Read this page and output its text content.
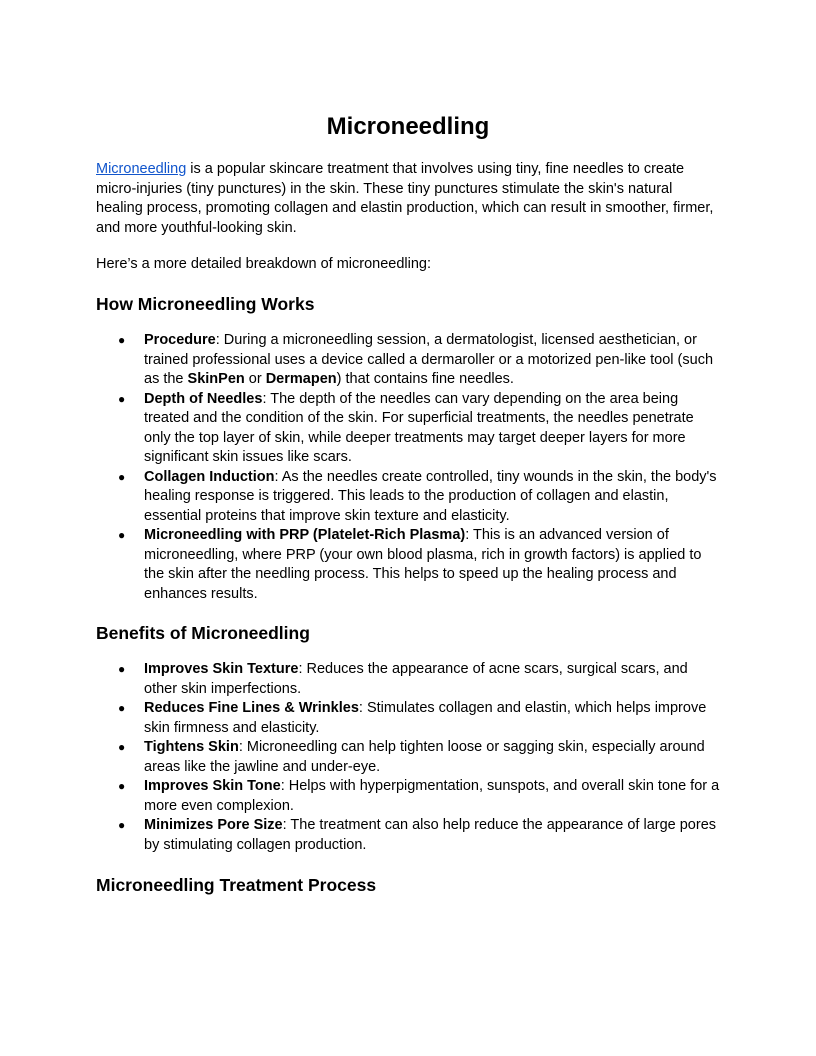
Microneedling

Microneedling is a popular skincare treatment that involves using tiny, fine needles to create micro-injuries (tiny punctures) in the skin. These tiny punctures stimulate the skin's natural healing process, promoting collagen and elastin production, which can result in smoother, firmer, and more youthful-looking skin.

Here’s a more detailed breakdown of microneedling:

How Microneedling Works
● Procedure: During a microneedling session, a dermatologist, licensed aesthetician, or trained professional uses a device called a dermaroller or a motorized pen-like tool (such as the SkinPen or Dermapen) that contains fine needles.
● Depth of Needles: The depth of the needles can vary depending on the area being treated and the condition of the skin. For superficial treatments, the needles penetrate only the top layer of skin, while deeper treatments may target deeper layers for more significant skin issues like scars.
● Collagen Induction: As the needles create controlled, tiny wounds in the skin, the body's healing response is triggered. This leads to the production of collagen and elastin, essential proteins that improve skin texture and elasticity.
● Microneedling with PRP (Platelet-Rich Plasma): This is an advanced version of microneedling, where PRP (your own blood plasma, rich in growth factors) is applied to the skin after the needling process. This helps to speed up the healing process and enhances results.
Benefits of Microneedling
● Improves Skin Texture: Reduces the appearance of acne scars, surgical scars, and other skin imperfections.
● Reduces Fine Lines & Wrinkles: Stimulates collagen and elastin, which helps improve skin firmness and elasticity.
● Tightens Skin: Microneedling can help tighten loose or sagging skin, especially around areas like the jawline and under-eye.
● Improves Skin Tone: Helps with hyperpigmentation, sunspots, and overall skin tone for a more even complexion.
● Minimizes Pore Size: The treatment can also help reduce the appearance of large pores by stimulating collagen production.
Microneedling Treatment Process
